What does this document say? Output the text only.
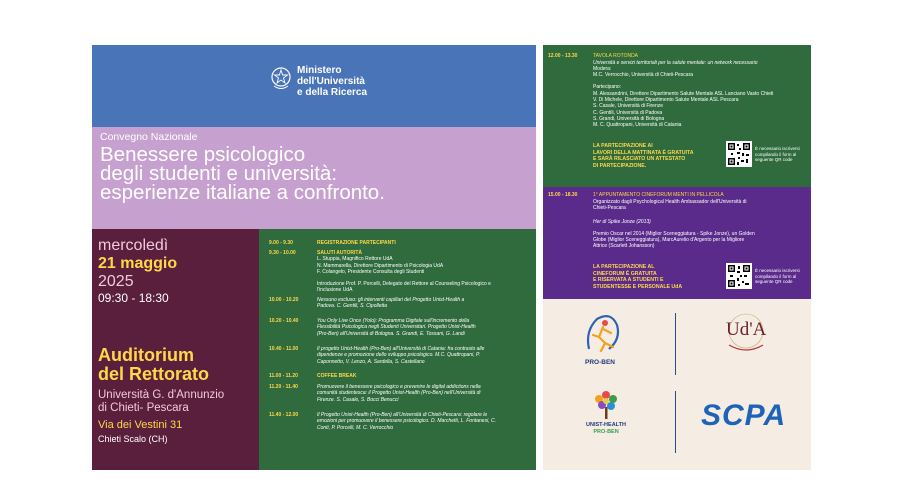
Ministero
dell'Università
e della Ricerca
Convegno Nazionale
Benessere psicologico
degli studenti e università:
esperienze italiane a confronto.
mercoledì
21 maggio
2025
09:30 - 18:30
Auditorium
del Rettorato
Università G. d'Annunzio
di Chieti- Pescara
Via dei Vestini 31
Chieti Scalo (CH)
9.00 - 9.30	REGISTRAZIONE PARTECIPANTI
9.30 - 10.00	SALUTI AUTORITÀ
L. Stuppia, Magnifico Rettore UdA
N. Mammarella, Direttore Dipartimento di Psicologia UdA
F. Colangelo, Presidente Consulta degli Studenti
Introduzione Prof. P. Porcelli, Delegato del Rettore al Counseling Psicologico e
l'inclusione UdA
10.00 - 10.20	Nessuno escluso: gli interventi capillari del Progetto Unist-Health a
Padova. C. Gentili, S. Cipolletta
10.20 - 10.40	You Only Live Once (Yolo): Programma Digitale sull'incremento della
Flessibilità Psicologica negli Studenti Universitari. Progetto Unist-Health
(Pro-Ben) all'Università di Bologna. S. Grandi, E. Tossani, G. Landi
10.40 - 11.00	Il progetto Unist-Health (Pro-Ben) all'Università di Catania: fra contrasto alle
dipendenze e promozione dello sviluppo psicologico. M.C. Quattropani, P.
Caponnetto, V. Lenzo, A. Sardella, S. Castellano
11.00 - 11.20	COFFEE BREAK
11.20 - 11.40	Promuovere il benessere psicologico e prevenire le digital addictions nella
comunità studentesca: il Progetto Unist-Health (Pro-Ben) nell'Università di
Firenze. S. Casale, S. Bocci Benucci
11.40 - 12.00	Il Progetto Unist-Health (Pro-Ben) all'Università di Chieti-Pescara: regolare le
emozioni per promuovere il benessere psicologico. D. Marchetti, L. Fontanesi, C.
Conti, P. Porcelli, M. C. Verrocchio
12.00 - 13.30	TAVOLA ROTONDA
Università e servizi territoriali per la salute mentale: un network necessario
Modera:
M.C. Verrocchio, Università di Chieti-Pescara
Partecipano:
M. Alessandrini, Direttore Dipartimento Salute Mentale ASL Lanciano Vasto Chieti
V. Di Michele, Direttore Dipartimento Salute Mentale ASL Pescara
S. Casale, Università di Firenze
C. Gentili, Università di Padova
S. Grandi, Università di Bologna
M. C. Quattropani, Università di Catania
LA PARTECIPAZIONE AI
LAVORI DELLA MATTINATA È GRATUITA
E SARÀ RILASCIATO UN ATTESTATO
DI PARTECIPAZIONE.
È necessario iscriversi
compilando il form al
seguente QR code
15.00 - 18.30	1° APPUNTAMENTO CINEFORUM MENTI IN PELLICOLA
Organizzato dagli Psychological Health Ambassador dell'Università di
Chieti-Pescara
Her di Spike Jonze (2013)
Premio Oscar nel 2014 (Miglior Sceneggiatura - Spike Jonze), un Golden
Globe (Miglior Sceneggiatura), MarcAurelio d'Argento per la Migliore
Attrice (Scarlett Johansson)
LA PARTECIPAZIONE AL
CINEFORUM È GRATUITA
E RISERVATA A STUDENTI E
STUDENTESSE E PERSONALE UdA
È necessario iscriversi
compilando il form al
seguente QR code
PRO-BEN
Ud'A
UNIST-HEALTH
PRO-BEN	SCPA
